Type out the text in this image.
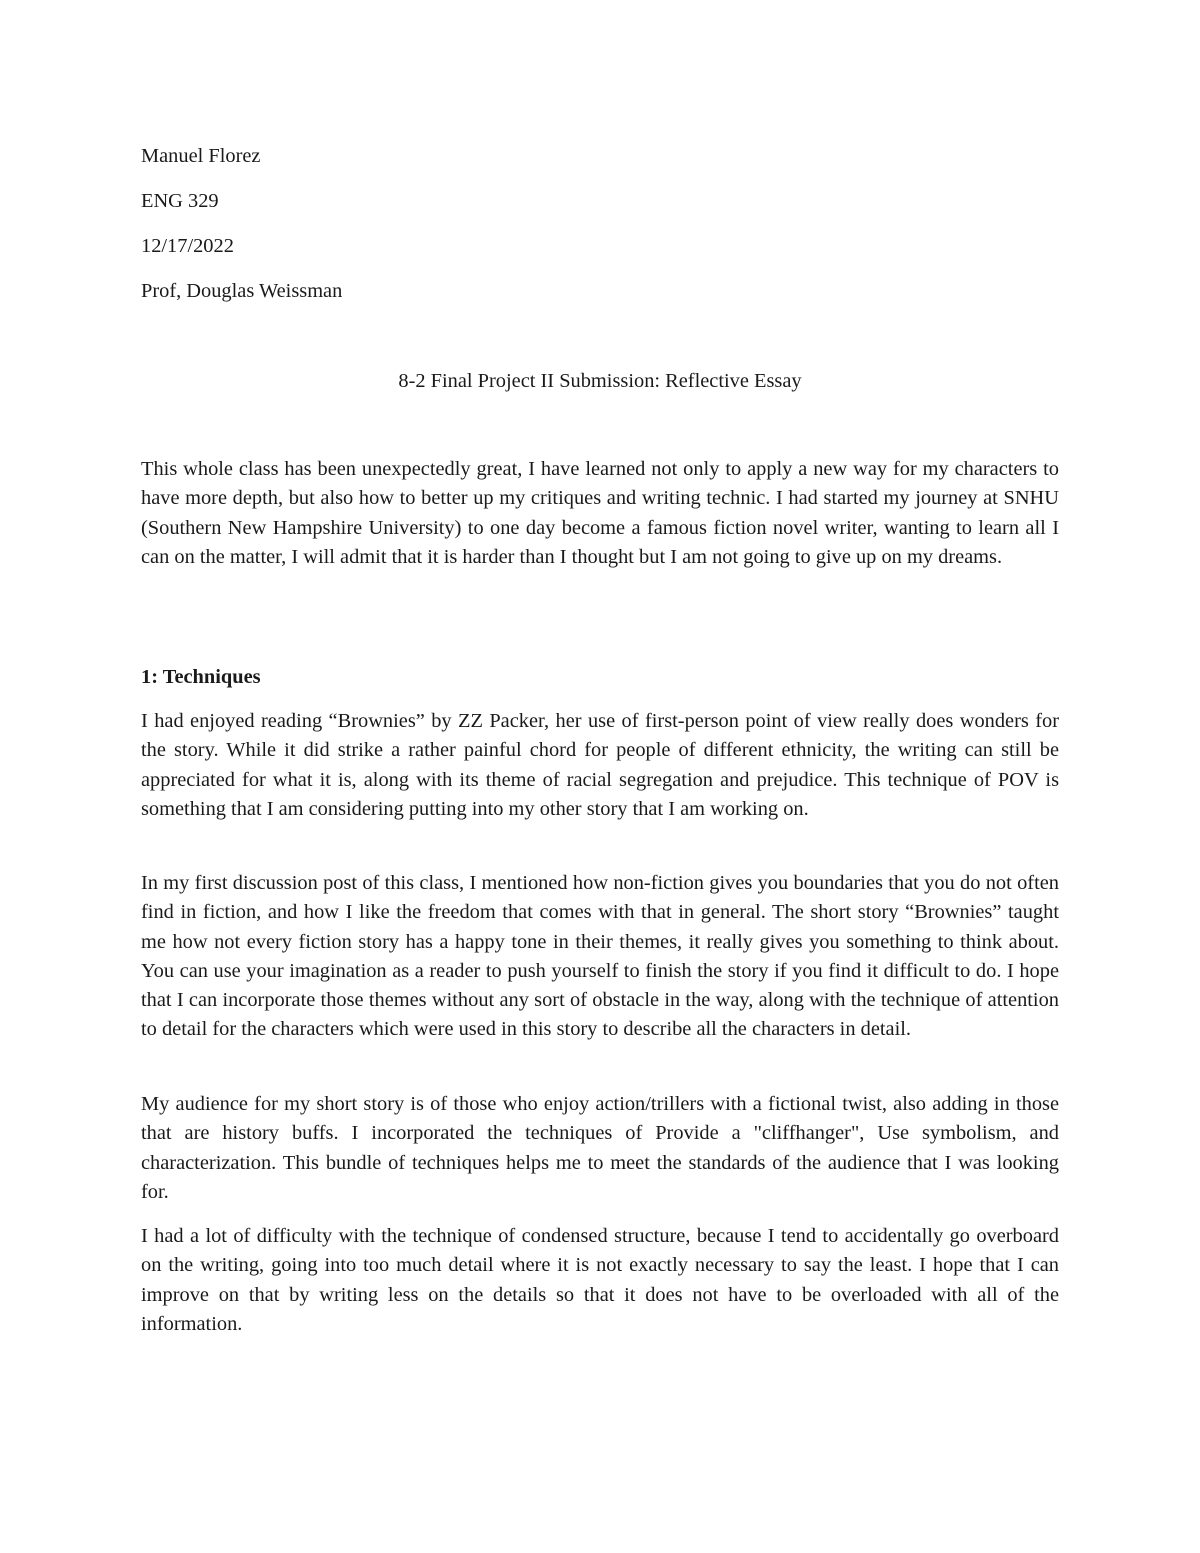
Manuel Florez
ENG 329
12/17/2022
Prof, Douglas Weissman
8-2 Final Project II Submission: Reflective Essay

This whole class has been unexpectedly great, I have learned not only to apply a new way for my characters to have more depth, but also how to better up my critiques and writing technic. I had started my journey at SNHU (Southern New Hampshire University) to one day become a famous fiction novel writer, wanting to learn all I can on the matter, I will admit that it is harder than I thought but I am not going to give up on my dreams.

1: Techniques

I had enjoyed reading “Brownies” by ZZ Packer, her use of first-person point of view really does wonders for the story. While it did strike a rather painful chord for people of different ethnicity, the writing can still be appreciated for what it is, along with its theme of racial segregation and prejudice. This technique of POV is something that I am considering putting into my other story that I am working on.

In my first discussion post of this class, I mentioned how non-fiction gives you boundaries that you do not often find in fiction, and how I like the freedom that comes with that in general. The short story “Brownies” taught me how not every fiction story has a happy tone in their themes, it really gives you something to think about. You can use your imagination as a reader to push yourself to finish the story if you find it difficult to do. I hope that I can incorporate those themes without any sort of obstacle in the way, along with the technique of attention to detail for the characters which were used in this story to describe all the characters in detail.

My audience for my short story is of those who enjoy action/trillers with a fictional twist, also adding in those that are history buffs. I incorporated the techniques of Provide a "cliffhanger", Use symbolism, and characterization. This bundle of techniques helps me to meet the standards of the audience that I was looking for.

I had a lot of difficulty with the technique of condensed structure, because I tend to accidentally go overboard on the writing, going into too much detail where it is not exactly necessary to say the least. I hope that I can improve on that by writing less on the details so that it does not have to be overloaded with all of the information.
